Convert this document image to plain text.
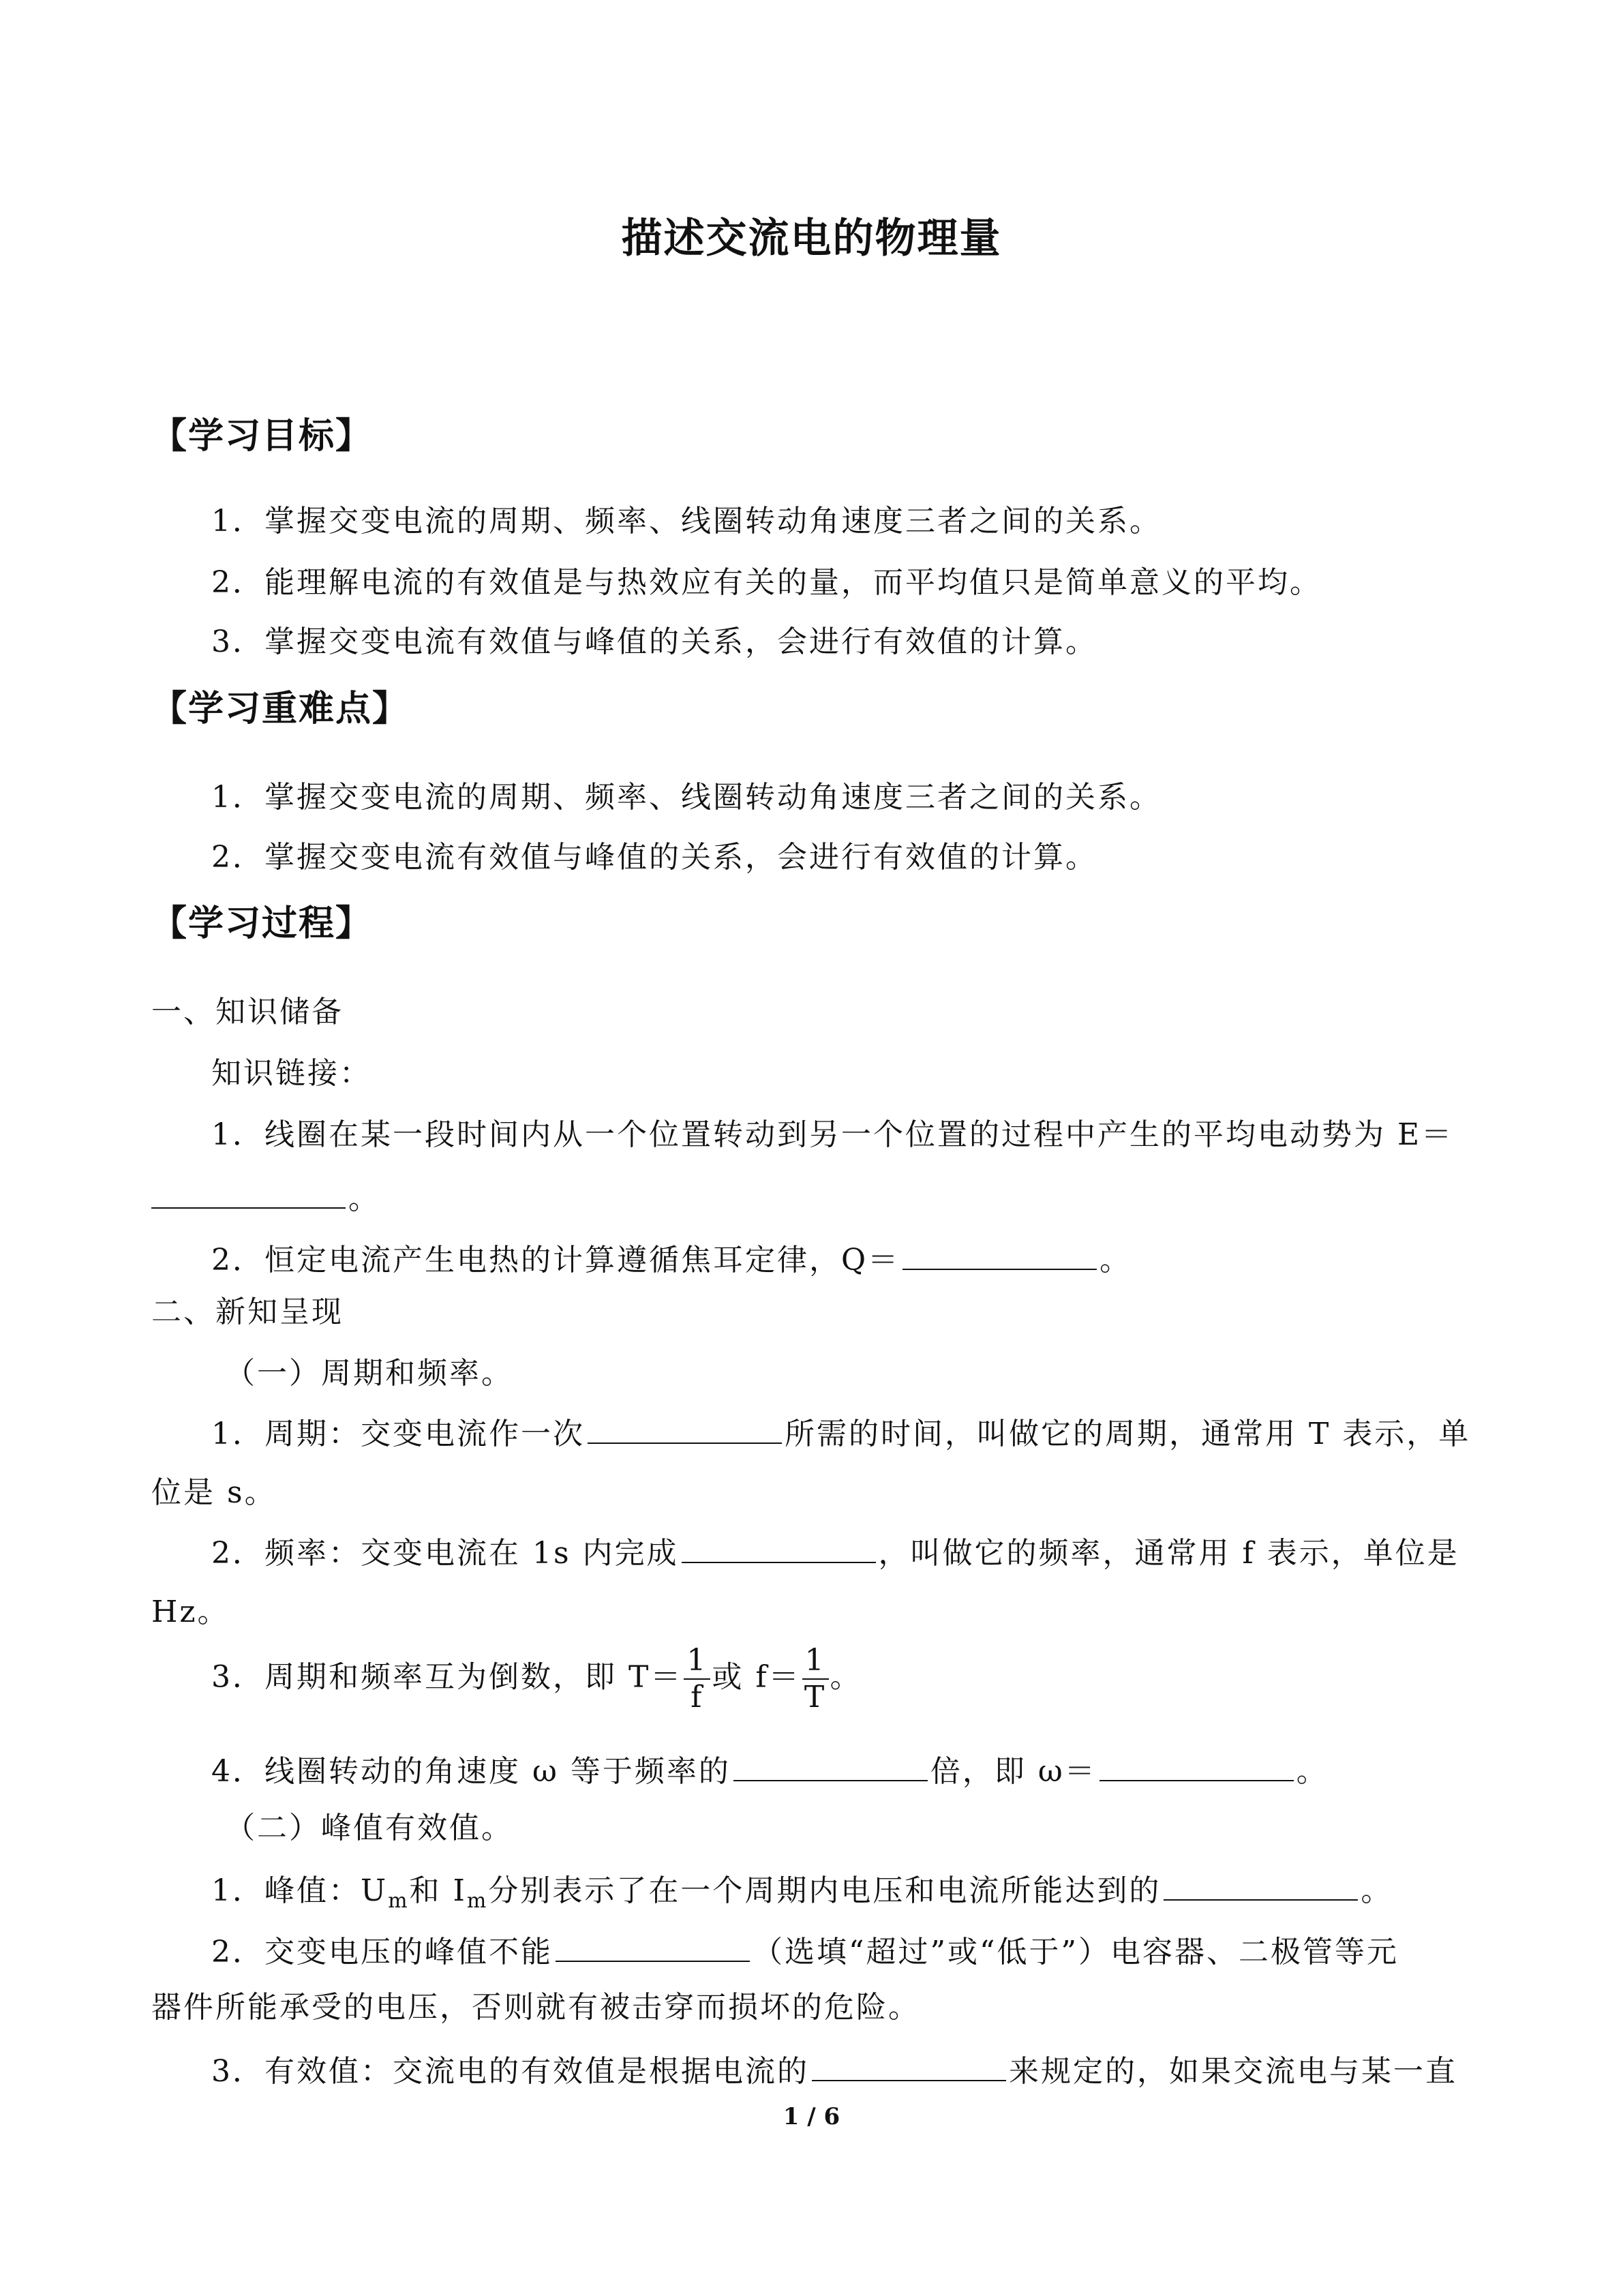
描述交流电的物理量
【学习目标】
1．掌握交变电流的周期、频率、线圈转动角速度三者之间的关系。
2．能理解电流的有效值是与热效应有关的量，而平均值只是简单意义的平均。
3．掌握交变电流有效值与峰值的关系，会进行有效值的计算。
【学习重难点】
1．掌握交变电流的周期、频率、线圈转动角速度三者之间的关系。
2．掌握交变电流有效值与峰值的关系，会进行有效值的计算。
【学习过程】
一、知识储备
知识链接：
1．线圈在某一段时间内从一个位置转动到另一个位置的过程中产生的平均电动势为 E＝
。
2．恒定电流产生电热的计算遵循焦耳定律，Q＝	。
二、新知呈现
（一）周期和频率。
1．周期：交变电流作一次	所需的时间，叫做它的周期，通常用 T 表示，单
位是 s。
2．频率：交变电流在 1s 内完成	，叫做它的频率，通常用 f 表示，单位是
Hz。
3．周期和频率互为倒数，即 $T= \frac{1}{f}$ 或 $f= \frac{1}{T}$ 。
4．线圈转动的角速度 ω 等于频率的	倍，即 ω＝	。
（二）峰值有效值。
1．峰值：$U_m$和 $I_m$分别表示了在一个周期内电压和电流所能达到的	。
2．交变电压的峰值不能	（选填“超过”或“低于”）电容器、二极管等元
器件所能承受的电压，否则就有被击穿而损坏的危险。
3．有效值：交流电的有效值是根据电流的	来规定的，如果交流电与某一直
1 / 6
